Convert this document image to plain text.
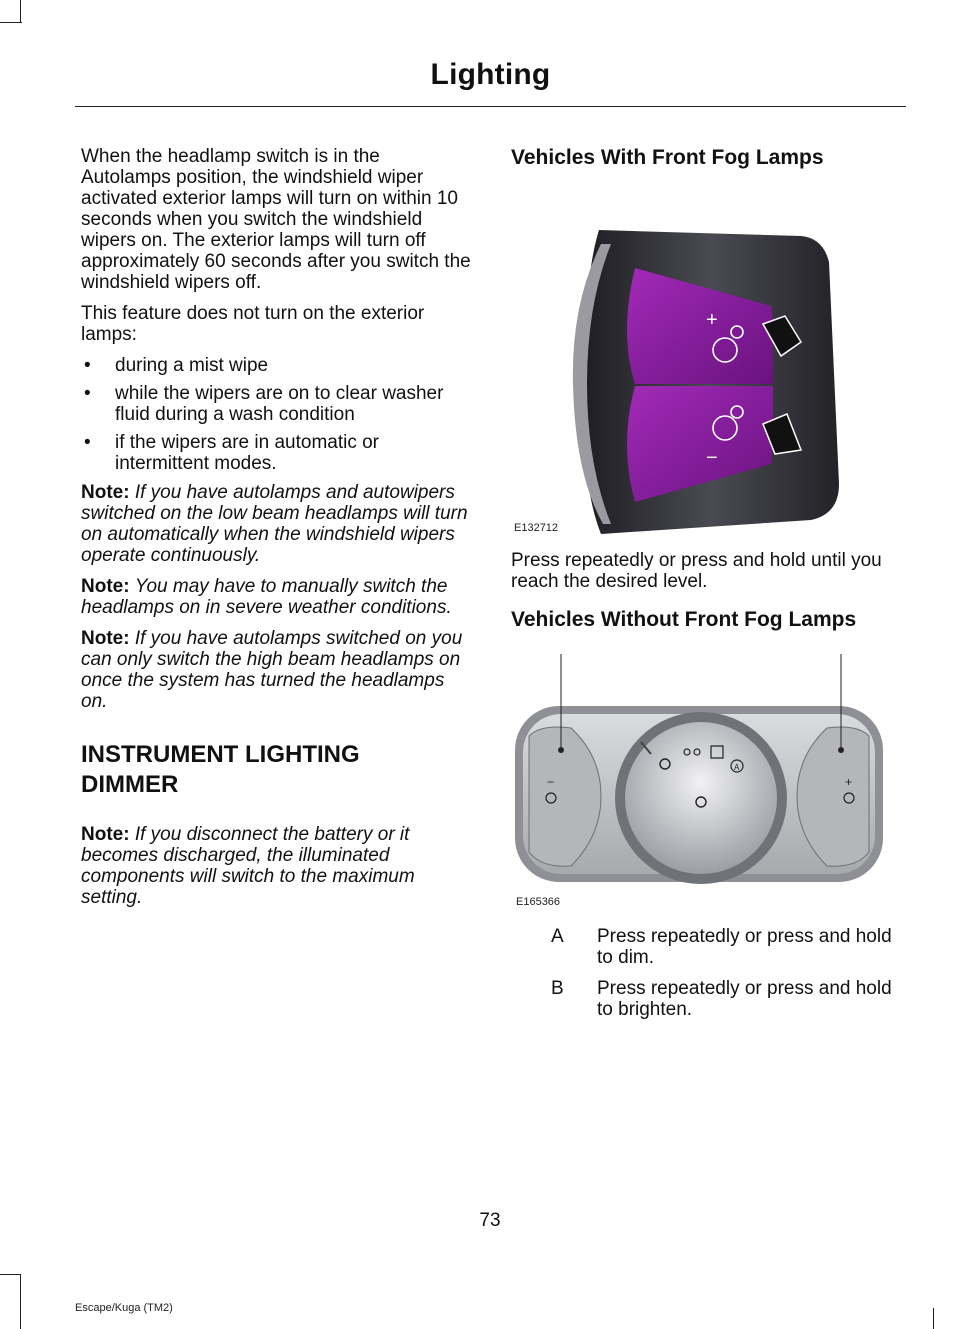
Lighting

When the headlamp switch is in the Autolamps position, the windshield wiper activated exterior lamps will turn on within 10 seconds when you switch the windshield wipers on. The exterior lamps will turn off approximately 60 seconds after you switch the windshield wipers off.

This feature does not turn on the exterior lamps:

• during a mist wipe
• while the wipers are on to clear washer fluid during a wash condition
• if the wipers are in automatic or intermittent modes.
Note: If you have autolamps and autowipers switched on the low beam headlamps will turn on automatically when the windshield wipers operate continuously.
Note: You may have to manually switch the headlamps on in severe weather conditions.
Note: If you have autolamps switched on you can only switch the high beam headlamps on once the system has turned the headlamps on.
INSTRUMENT LIGHTING
DIMMER
Note: If you disconnect the battery or it becomes discharged, the illuminated components will switch to the maximum setting.
Vehicles With Front Fog Lamps
+
−
E132712

Press repeatedly or press and hold until you reach the desired level.

Vehicles Without Front Fog Lamps
A
−	+
E165366
A	Press repeatedly or press and hold to dim.
B	Press repeatedly or press and hold to brighten.
73
Escape/Kuga (TM2)
